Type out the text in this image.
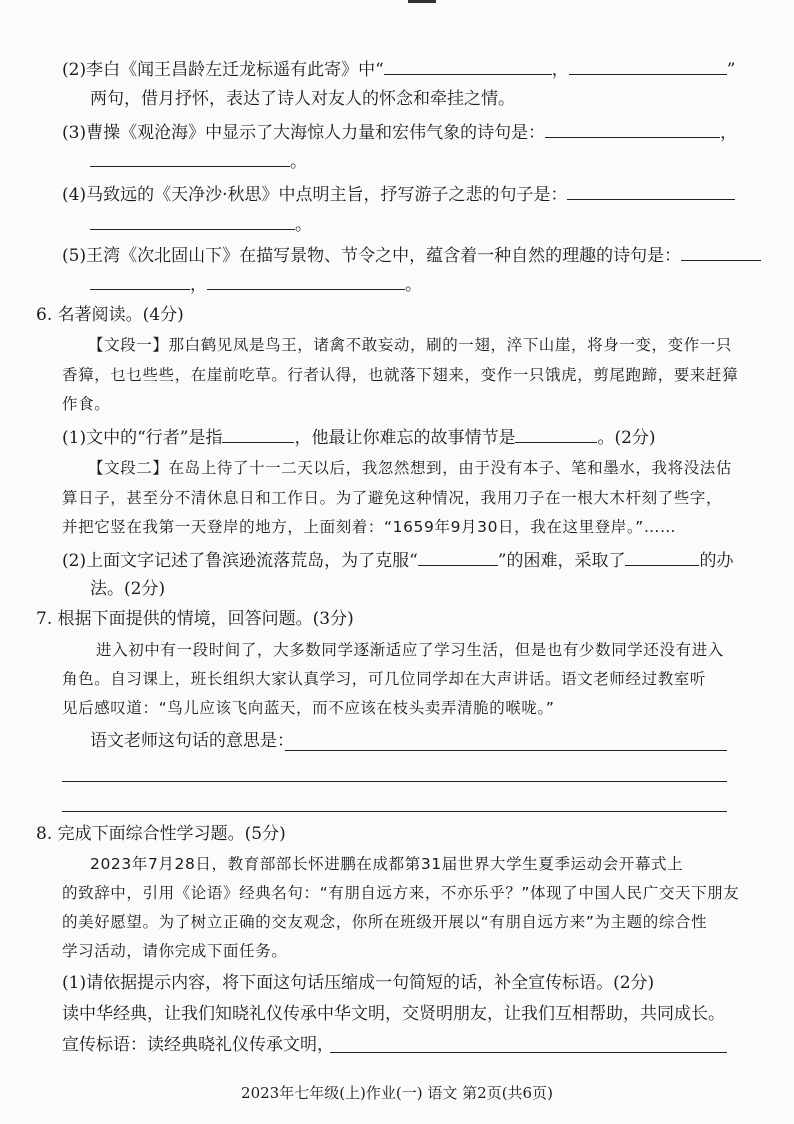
(2)李白《闻王昌龄左迁龙标遥有此寄》中“	，	”
两句，借月抒怀，表达了诗人对友人的怀念和牵挂之情。
(3)曹操《观沧海》中显示了大海惊人力量和宏伟气象的诗句是：	，
。
(4)马致远的《天净沙·秋思》中点明主旨，抒写游子之悲的句子是：
。
(5)王湾《次北固山下》在描写景物、节令之中，蕴含着一种自然的理趣的诗句是：
，	。
6. 名著阅读。(4分)
【文段一】那白鹤见凤是鸟王，诸禽不敢妄动，刷的一翅，淬下山崖，将身一变，变作一只
香獐，乜乜些些，在崖前吃草。行者认得，也就落下翅来，变作一只饿虎，剪尾跑蹄，要来赶獐
作食。
(1)文中的“行者”是指	，他最让你难忘的故事情节是	。(2分)
【文段二】在岛上待了十一二天以后，我忽然想到，由于没有本子、笔和墨水，我将没法估
算日子，甚至分不清休息日和工作日。为了避免这种情况，我用刀子在一根大木杆刻了些字，
并把它竖在我第一天登岸的地方，上面刻着：“1659年9月30日，我在这里登岸。”……
(2)上面文字记述了鲁滨逊流落荒岛，为了克服“	”的困难，采取了	的办
法。(2分)
7. 根据下面提供的情境，回答问题。(3分)
进入初中有一段时间了，大多数同学逐渐适应了学习生活，但是也有少数同学还没有进入
角色。自习课上，班长组织大家认真学习，可几位同学却在大声讲话。语文老师经过教室听
见后感叹道：“鸟儿应该飞向蓝天，而不应该在枝头卖弄清脆的喉咙。”
语文老师这句话的意思是：
8. 完成下面综合性学习题。(5分)
2023年7月28日，教育部部长怀进鹏在成都第31届世界大学生夏季运动会开幕式上
的致辞中，引用《论语》经典名句：“有朋自远方来，不亦乐乎？”体现了中国人民广交天下朋友
的美好愿望。为了树立正确的交友观念，你所在班级开展以“有朋自远方来”为主题的综合性
学习活动，请你完成下面任务。
(1)请依据提示内容，将下面这句话压缩成一句简短的话，补全宣传标语。(2分)
读中华经典，让我们知晓礼仪传承中华文明，交贤明朋友，让我们互相帮助，共同成长。
宣传标语：读经典晓礼仪传承文明，
2023年七年级(上)作业(一) 语文 第2页(共6页)
